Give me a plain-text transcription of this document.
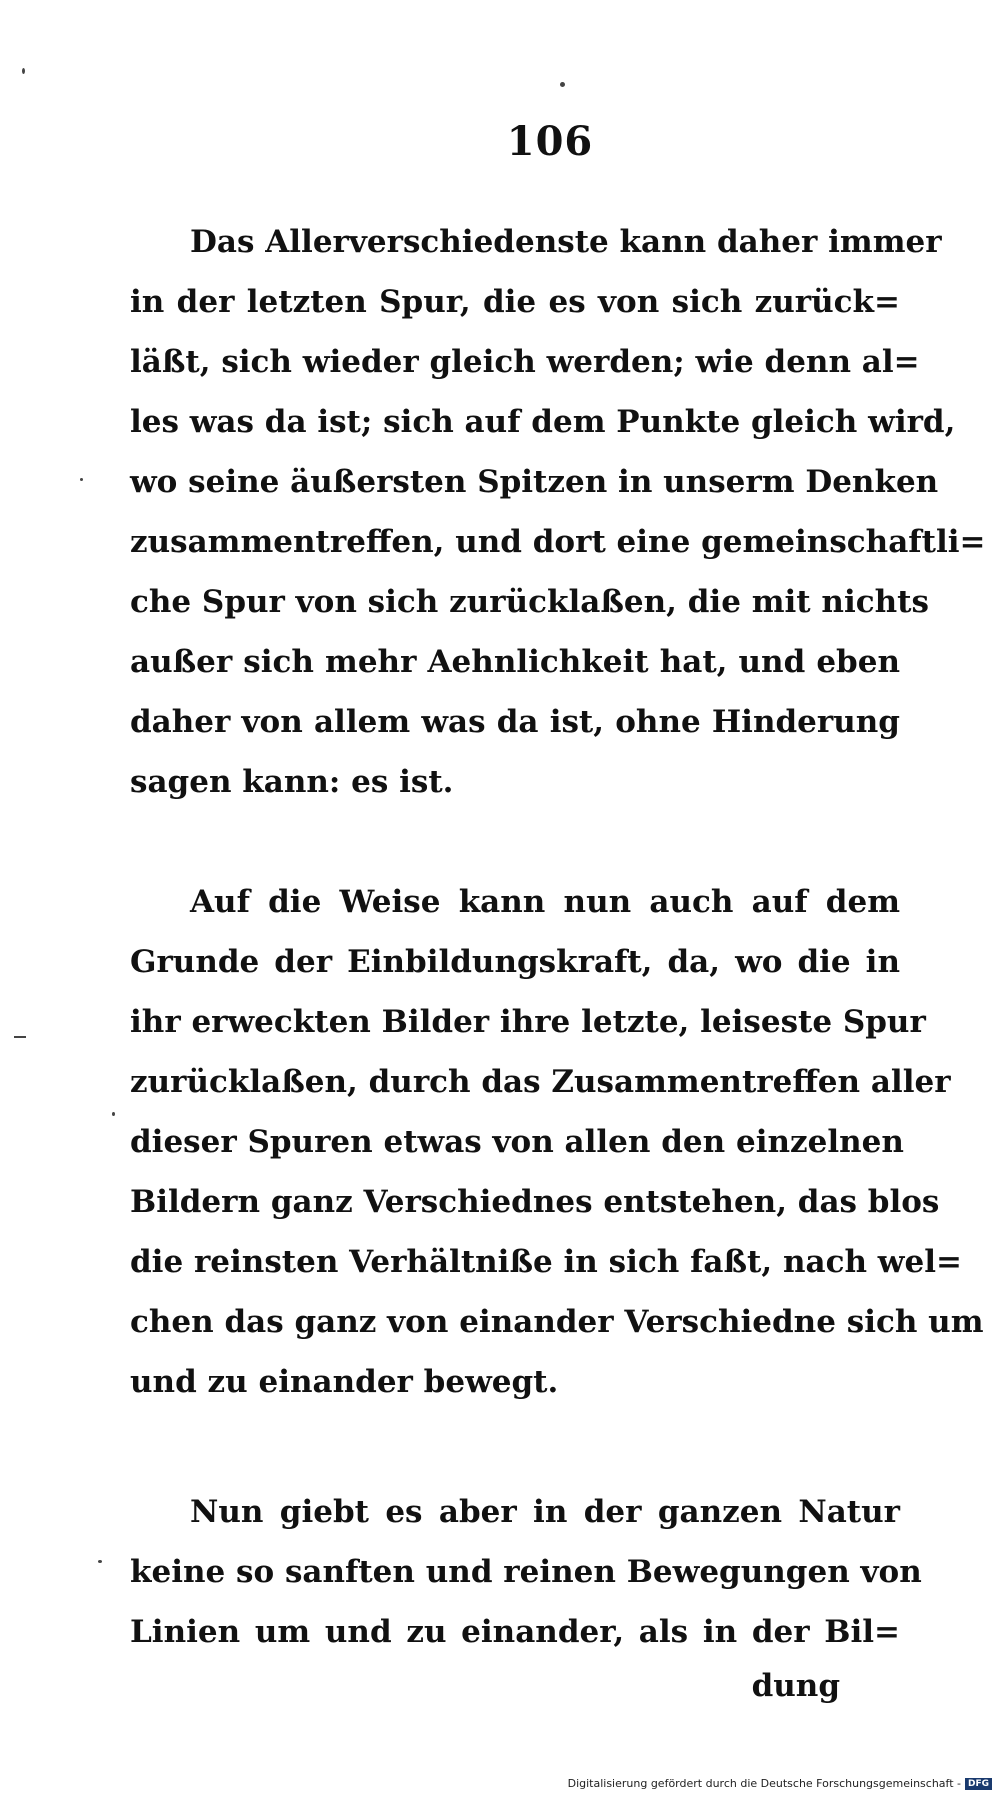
106
Das Allerverschiedenste kann daher immer
in der letzten Spur, die es von sich zurück=
läßt, sich wieder gleich werden; wie denn al=
les was da ist; sich auf dem Punkte gleich wird,
wo seine äußersten Spitzen in unserm Denken
zusammentreffen, und dort eine gemeinschaftli=
che Spur von sich zurücklaßen, die mit nichts
außer sich mehr Aehnlichkeit hat, und eben
daher von allem was da ist, ohne Hinderung
sagen kann: es ist.
Auf die Weise kann nun auch auf dem
Grunde der Einbildungskraft, da, wo die in
ihr erweckten Bilder ihre letzte, leiseste Spur
zurücklaßen, durch das Zusammentreffen aller
dieser Spuren etwas von allen den einzelnen
Bildern ganz Verschiednes entstehen, das blos
die reinsten Verhältniße in sich faßt, nach wel=
chen das ganz von einander Verschiedne sich um
und zu einander bewegt.
Nun giebt es aber in der ganzen Natur
keine so sanften und reinen Bewegungen von
Linien um und zu einander, als in der Bil=
dung
Digitalisierung gefördert durch die Deutsche Forschungsgemeinschaft - DFG
